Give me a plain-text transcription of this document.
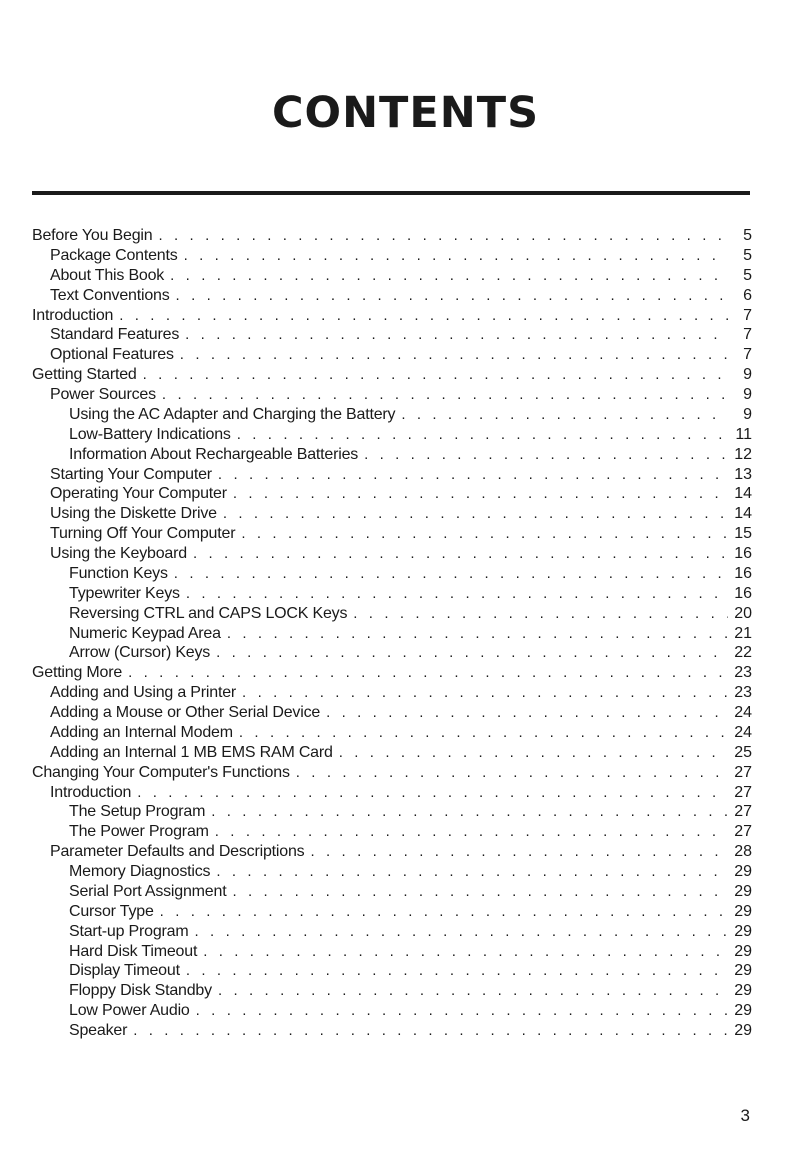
CONTENTS
Before You Begin . . .	5
Package Contents . . .	5
About This Book . . .	5
Text Conventions . . .	6
Introduction . . .	7
Standard Features . . .	7
Optional Features . . .	7
Getting Started . . .	9
Power Sources . . .	9
Using the AC Adapter and Charging the Battery . . .	9
Low-Battery Indications . . .	11
Information About Rechargeable Batteries . . .	12
Starting Your Computer . . .	13
Operating Your Computer . . .	14
Using the Diskette Drive . . .	14
Turning Off Your Computer . . .	15
Using the Keyboard . . .	16
Function Keys . . .	16
Typewriter Keys . . .	16
Reversing CTRL and CAPS LOCK Keys . . .	20
Numeric Keypad Area . . .	21
Arrow (Cursor) Keys . . .	22
Getting More . . .	23
Adding and Using a Printer . . .	23
Adding a Mouse or Other Serial Device . . .	24
Adding an Internal Modem . . .	24
Adding an Internal 1 MB EMS RAM Card . . .	25
Changing Your Computer's Functions . . .	27
Introduction . . .	27
The Setup Program . . .	27
The Power Program . . .	27
Parameter Defaults and Descriptions . . .	28
Memory Diagnostics . . .	29
Serial Port Assignment . . .	29
Cursor Type . . .	29
Start-up Program . . .	29
Hard Disk Timeout . . .	29
Display Timeout . . .	29
Floppy Disk Standby . . .	29
Low Power Audio . . .	29
Speaker . . .	29
3
